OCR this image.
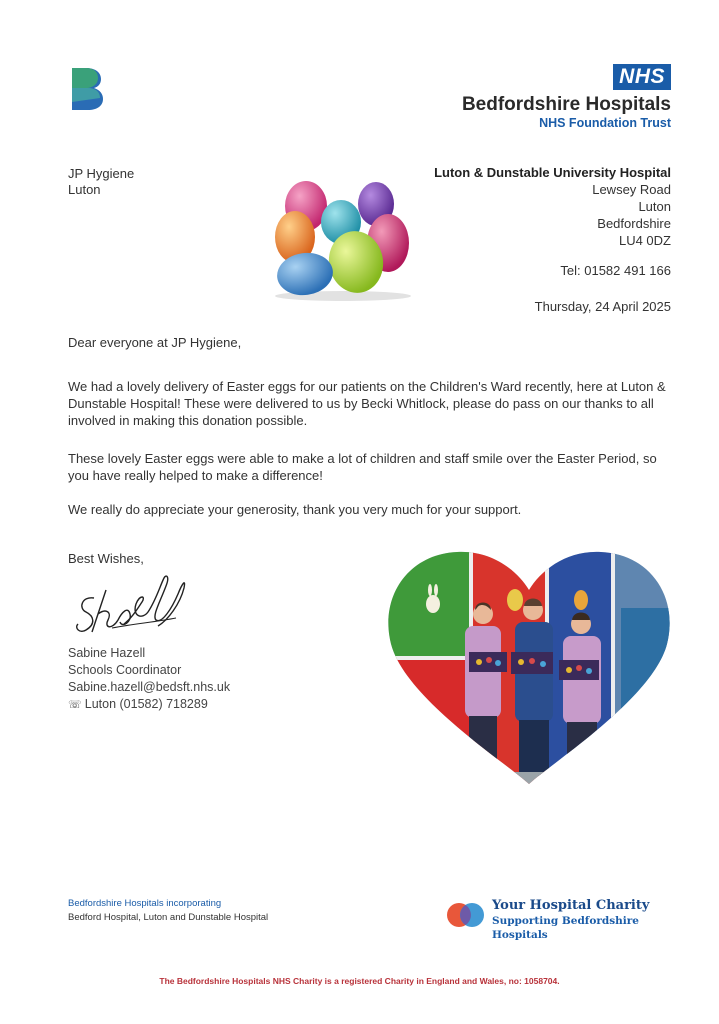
NHS
Bedfordshire Hospitals
NHS Foundation Trust
JP Hygiene
Luton
Luton & Dunstable University Hospital
Lewsey Road
Luton
Bedfordshire
LU4 0DZ
Tel: 01582 491 166
Thursday, 24 April 2025
Dear everyone at JP Hygiene,

We had a lovely delivery of Easter eggs for our patients on the Children's Ward recently, here at Luton & Dunstable Hospital! These were delivered to us by Becki Whitlock, please do pass on our thanks to all involved in making this donation possible.

These lovely Easter eggs were able to make a lot of children and staff smile over the Easter Period, so you have really helped to make a difference!

We really do appreciate your generosity, thank you very much for your support.

Best Wishes,
Sabine Hazell
Schools Coordinator
Sabine.hazell@bedsft.nhs.uk
☏ Luton (01582) 718289
Bedfordshire Hospitals incorporating
Bedford Hospital, Luton and Dunstable Hospital
Your Hospital Charity
Supporting Bedfordshire Hospitals
The Bedfordshire Hospitals NHS Charity is a registered Charity in England and Wales, no: 1058704.
